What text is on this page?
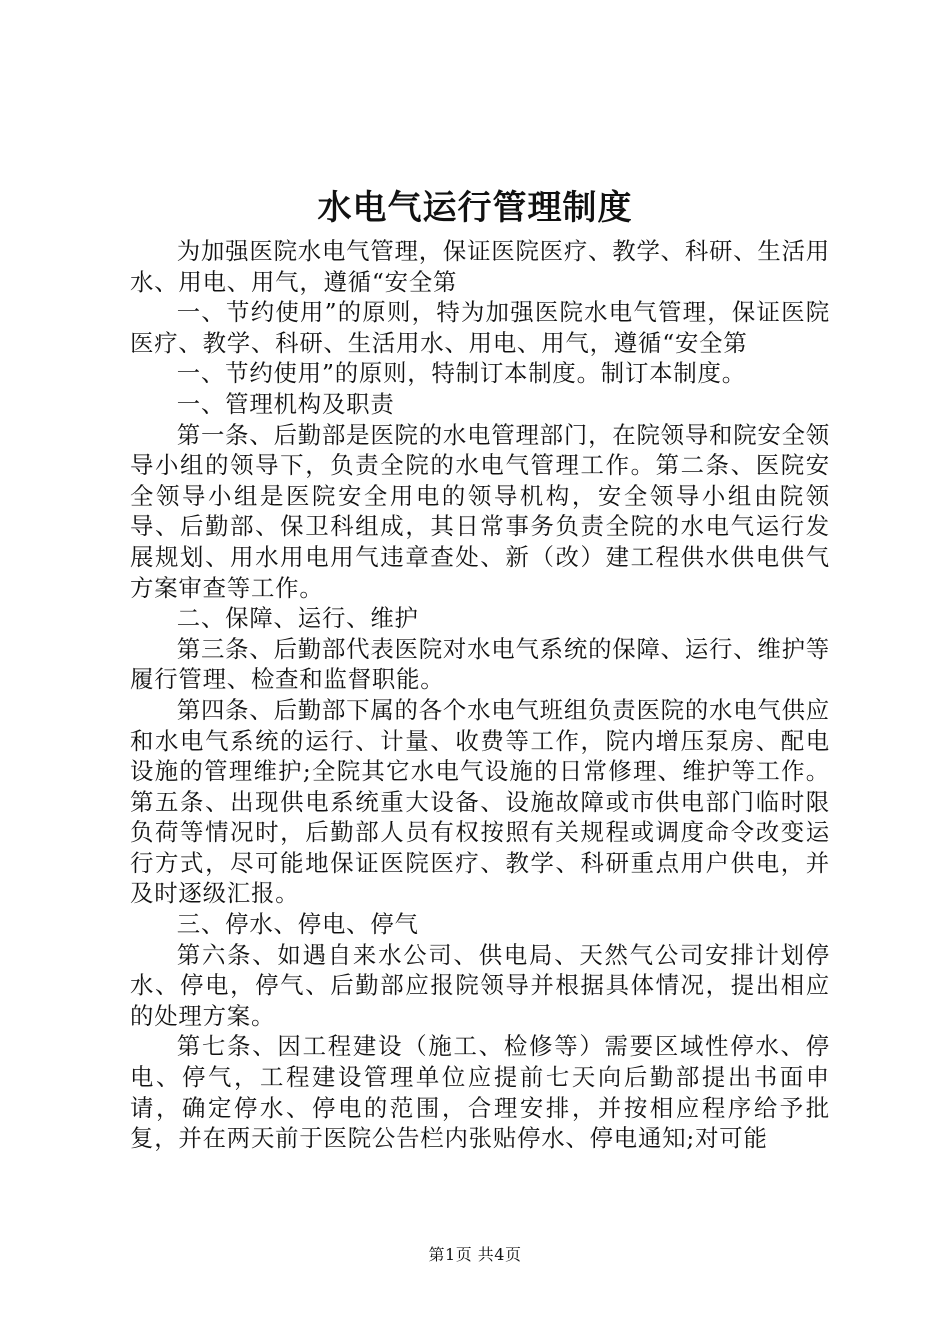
水电气运行管理制度

为加强医院水电气管理，保证医院医疗、教学、科研、生活用水、用电、用气，遵循“安全第

一、节约使用”的原则，特为加强医院水电气管理，保证医院医疗、教学、科研、生活用水、用电、用气，遵循“安全第

一、节约使用”的原则，特制订本制度。制订本制度。

一、管理机构及职责

第一条、后勤部是医院的水电管理部门，在院领导和院安全领导小组的领导下，负责全院的水电气管理工作。第二条、医院安全领导小组是医院安全用电的领导机构，安全领导小组由院领导、后勤部、保卫科组成，其日常事务负责全院的水电气运行发展规划、用水用电用气违章查处、新（改）建工程供水供电供气方案审查等工作。

二、保障、运行、维护

第三条、后勤部代表医院对水电气系统的保障、运行、维护等履行管理、检查和监督职能。

第四条、后勤部下属的各个水电气班组负责医院的水电气供应和水电气系统的运行、计量、收费等工作，院内增压泵房、配电设施的管理维护;全院其它水电气设施的日常修理、维护等工作。第五条、出现供电系统重大设备、设施故障或市供电部门临时限负荷等情况时，后勤部人员有权按照有关规程或调度命令改变运行方式，尽可能地保证医院医疗、教学、科研重点用户供电，并及时逐级汇报。

三、停水、停电、停气

第六条、如遇自来水公司、供电局、天然气公司安排计划停水、停电，停气、后勤部应报院领导并根据具体情况，提出相应的处理方案。

第七条、因工程建设（施工、检修等）需要区域性停水、停电、停气，工程建设管理单位应提前七天向后勤部提出书面申请，确定停水、停电的范围，合理安排，并按相应程序给予批复，并在两天前于医院公告栏内张贴停水、停电通知;对可能

第1页 共4页
